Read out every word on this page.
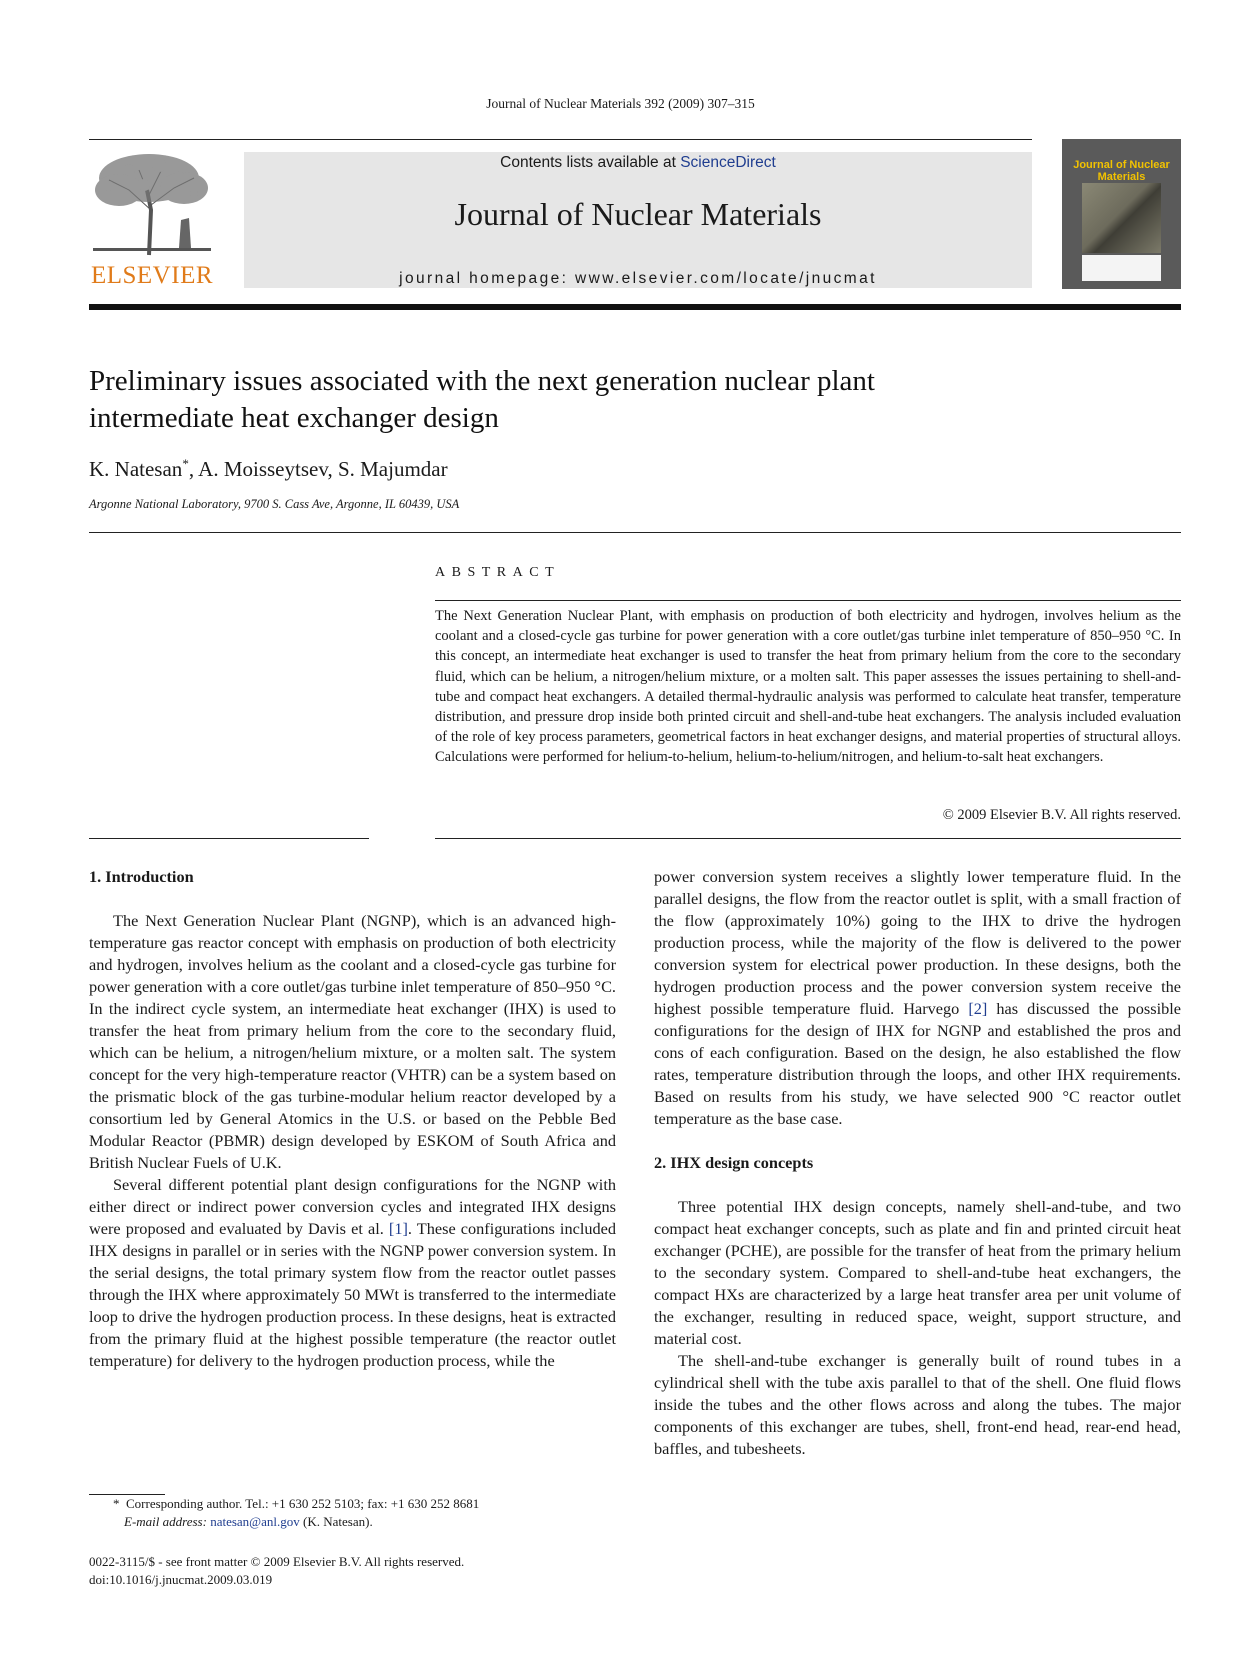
Journal of Nuclear Materials 392 (2009) 307–315
ELSEVIER
Contents lists available at ScienceDirect
Journal of Nuclear Materials
journal homepage: www.elsevier.com/locate/jnucmat
Journal of Nuclear Materials
Preliminary issues associated with the next generation nuclear plant
intermediate heat exchanger design
K. Natesan*, A. Moisseytsev, S. Majumdar
Argonne National Laboratory, 9700 S. Cass Ave, Argonne, IL 60439, USA
ABSTRACT
The Next Generation Nuclear Plant, with emphasis on production of both electricity and hydrogen, involves helium as the coolant and a closed-cycle gas turbine for power generation with a core outlet/gas turbine inlet temperature of 850–950 °C. In this concept, an intermediate heat exchanger is used to transfer the heat from primary helium from the core to the secondary fluid, which can be helium, a nitrogen/helium mixture, or a molten salt. This paper assesses the issues pertaining to shell-and-tube and compact heat exchangers. A detailed thermal-hydraulic analysis was performed to calculate heat transfer, temperature distribution, and pressure drop inside both printed circuit and shell-and-tube heat exchangers. The analysis included evaluation of the role of key process parameters, geometrical factors in heat exchanger designs, and material properties of structural alloys. Calculations were performed for helium-to-helium, helium-to-helium/nitrogen, and helium-to-salt heat exchangers.
© 2009 Elsevier B.V. All rights reserved.
1. Introduction

The Next Generation Nuclear Plant (NGNP), which is an advanced high-temperature gas reactor concept with emphasis on production of both electricity and hydrogen, involves helium as the coolant and a closed-cycle gas turbine for power generation with a core outlet/gas turbine inlet temperature of 850–950 °C. In the indirect cycle system, an intermediate heat exchanger (IHX) is used to transfer the heat from primary helium from the core to the secondary fluid, which can be helium, a nitrogen/helium mixture, or a molten salt. The system concept for the very high-temperature reactor (VHTR) can be a system based on the prismatic block of the gas turbine-modular helium reactor developed by a consortium led by General Atomics in the U.S. or based on the Pebble Bed Modular Reactor (PBMR) design developed by ESKOM of South Africa and British Nuclear Fuels of U.K.

Several different potential plant design configurations for the NGNP with either direct or indirect power conversion cycles and integrated IHX designs were proposed and evaluated by Davis et al. [1]. These configurations included IHX designs in parallel or in series with the NGNP power conversion system. In the serial designs, the total primary system flow from the reactor outlet passes through the IHX where approximately 50 MWt is transferred to the intermediate loop to drive the hydrogen production process. In these designs, heat is extracted from the primary fluid at the highest possible temperature (the reactor outlet temperature) for delivery to the hydrogen production process, while the

power conversion system receives a slightly lower temperature fluid. In the parallel designs, the flow from the reactor outlet is split, with a small fraction of the flow (approximately 10%) going to the IHX to drive the hydrogen production process, while the majority of the flow is delivered to the power conversion system for electrical power production. In these designs, both the hydrogen production process and the power conversion system receive the highest possible temperature fluid. Harvego [2] has discussed the possible configurations for the design of IHX for NGNP and established the pros and cons of each configuration. Based on the design, he also established the flow rates, temperature distribution through the loops, and other IHX requirements. Based on results from his study, we have selected 900 °C reactor outlet temperature as the base case.

2. IHX design concepts

Three potential IHX design concepts, namely shell-and-tube, and two compact heat exchanger concepts, such as plate and fin and printed circuit heat exchanger (PCHE), are possible for the transfer of heat from the primary helium to the secondary system. Compared to shell-and-tube heat exchangers, the compact HXs are characterized by a large heat transfer area per unit volume of the exchanger, resulting in reduced space, weight, support structure, and material cost.

The shell-and-tube exchanger is generally built of round tubes in a cylindrical shell with the tube axis parallel to that of the shell. One fluid flows inside the tubes and the other flows across and along the tubes. The major components of this exchanger are tubes, shell, front-end head, rear-end head, baffles, and tubesheets.

* Corresponding author. Tel.: +1 630 252 5103; fax: +1 630 252 8681
E-mail address: natesan@anl.gov (K. Natesan).
0022-3115/$ - see front matter © 2009 Elsevier B.V. All rights reserved.
doi:10.1016/j.jnucmat.2009.03.019
